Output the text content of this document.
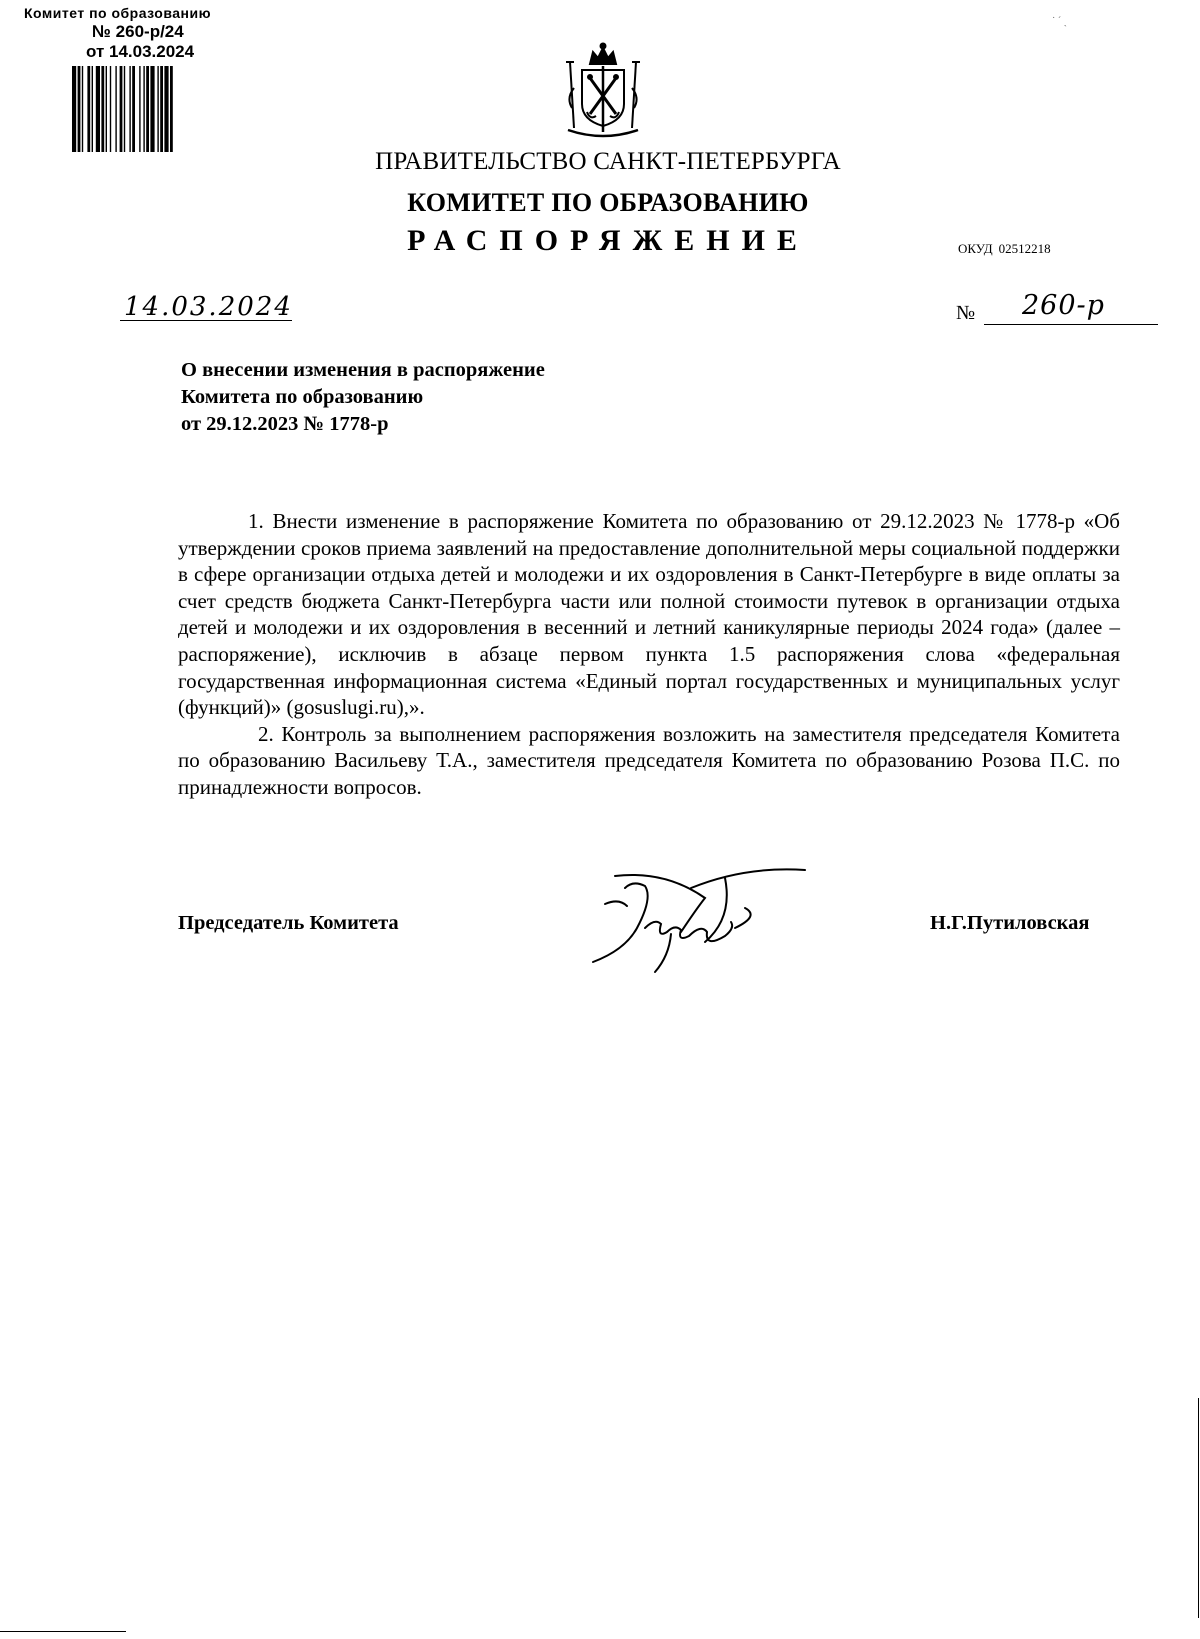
Комитет по образованию
№ 260-р/24
от 14.03.2024
ПРАВИТЕЛЬСТВО САНКТ-ПЕТЕРБУРГА
КОМИТЕТ ПО ОБРАЗОВАНИЮ
РАСПОРЯЖЕНИЕ	ОКУД 02512218
14.03.2024	№ 260-р
О внесении изменения в распоряжение
Комитета по образованию
от 29.12.2023 № 1778-р

1. Внести изменение в распоряжение Комитета по образованию от 29.12.2023 № 1778-р «Об утверждении сроков приема заявлений на предоставление дополнительной меры социальной поддержки в сфере организации отдыха детей и молодежи и их оздоровления в Санкт-Петербурге в виде оплаты за счет средств бюджета Санкт-Петербурга части или полной стоимости путевок в организации отдыха детей и молодежи и их оздоровления в весенний и летний каникулярные периоды 2024 года» (далее – распоряжение), исключив в абзаце первом пункта 1.5 распоряжения слова «федеральная государственная информационная система «Единый портал государственных и муниципальных услуг (функций)» (gosuslugi.ru),».

2. Контроль за выполнением распоряжения возложить на заместителя председателя Комитета по образованию Васильеву Т.А., заместителя председателя Комитета по образованию Розова П.С. по принадлежности вопросов.

Председатель Комитета	Н.Г.Путиловская
˙ ˊ ˏ
